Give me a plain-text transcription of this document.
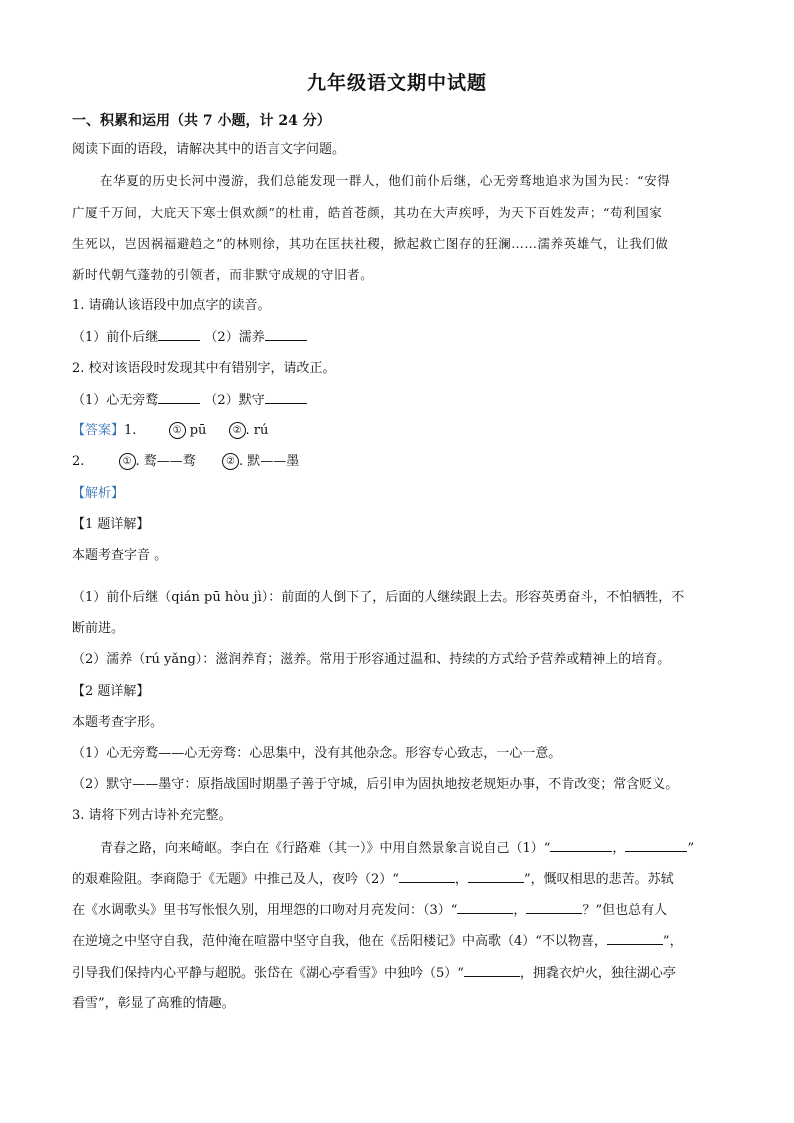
九年级语文期中试题
一、积累和运用（共 7 小题，计 24 分）
阅读下面的语段，请解决其中的语言文字问题。
在华夏的历史长河中漫游，我们总能发现一群人，他们前仆后继，心无旁骛地追求为国为民：“安得
广厦千万间，大庇天下寒士俱欢颜”的杜甫，皓首苍颜，其功在大声疾呼，为天下百姓发声；“苟利国家
生死以，岂因祸福避趋之”的林则徐，其功在匡扶社稷，掀起救亡图存的狂澜……濡养英雄气，让我们做
新时代朝气蓬勃的引领者，而非默守成规的守旧者。
1. 请确认该语段中加点字的读音。
（1）前仆后继	（2）濡养
2. 校对该语段时发现其中有错别字，请改正。
（1）心无旁鹜	（2）默守
【答案】1.	① pū	② . rú
2.	① . 鹜——骛	② . 默——墨
【解析】
【1 题详解】
本题考查字音 。
（1）前仆后继（qián pū hòu jì）：前面的人倒下了，后面的人继续跟上去。形容英勇奋斗，不怕牺牲，不
断前进。
（2）濡养（rú yǎng）：滋润养育；滋养。常用于形容通过温和、持续的方式给予营养或精神上的培育。
【2 题详解】
本题考查字形。
（1）心无旁鹜——心无旁骛：心思集中，没有其他杂念。形容专心致志，一心一意。
（2）默守——墨守：原指战国时期墨子善于守城，后引申为固执地按老规矩办事，不肯改变；常含贬义。
3. 请将下列古诗补充完整。
青春之路，向来崎岖。李白在《行路难（其一）》中用自然景象言说自己（1）“	，	”
的艰难险阻。李商隐于《无题》中推己及人，夜吟（2）“	，	”，慨叹相思的悲苦。苏轼
在《水调歌头》里书写怅恨久别，用埋怨的口吻对月亮发问：（3）“	，	？”但也总有人
在逆境之中坚守自我，范仲淹在喧嚣中坚守自我，他在《岳阳楼记》中高歌（4）“不以物喜，	”，
引导我们保持内心平静与超脱。张岱在《湖心亭看雪》中独吟（5）“	，拥毳衣炉火，独往湖心亭
看雪”，彰显了高雅的情趣。
